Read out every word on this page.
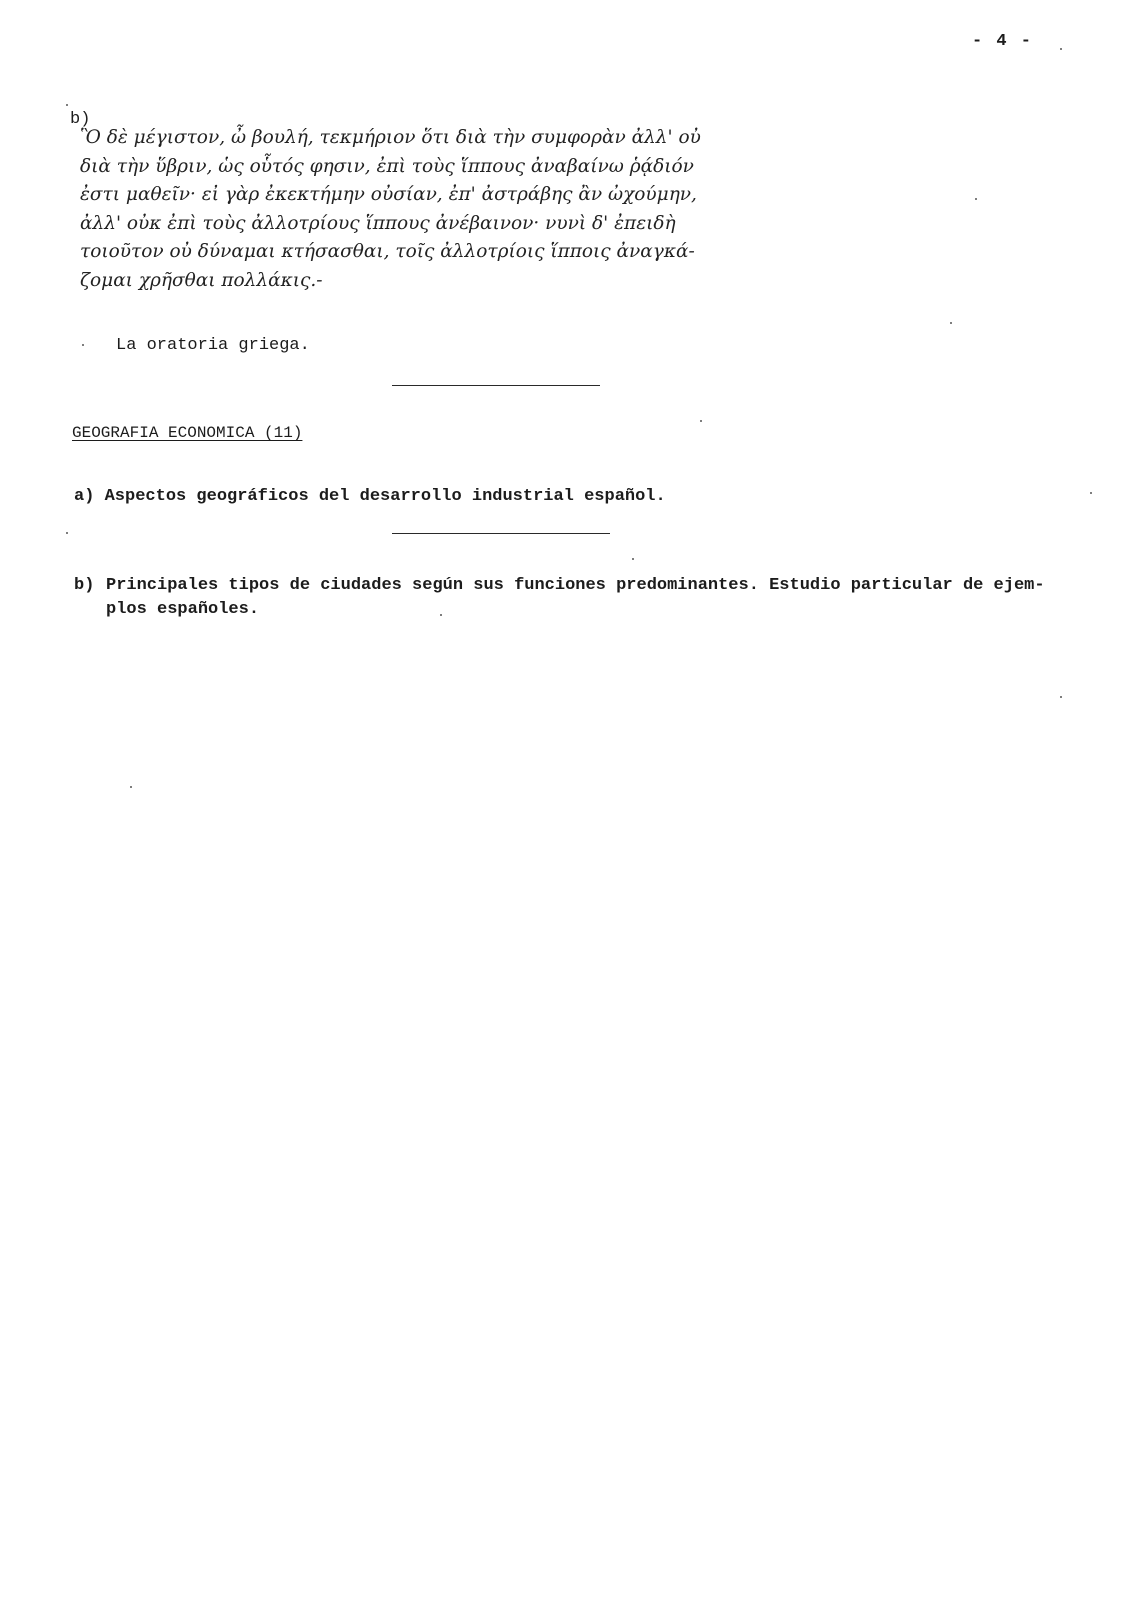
- 4 -
b)
Ὃ δὲ μέγιστον, ὦ βουλή, τεκμήριον ὅτι διὰ τὴν συμφορὰν ἀλλ' οὐ
διὰ τὴν ὕβριν, ὡς οὗτός φησιν, ἐπὶ τοὺς ἵππους ἀναβαίνω ῥᾴδιόν
ἐστι μαθεῖν· εἰ γὰρ ἐκεκτήμην οὐσίαν, ἐπ' ἀστράβης ἂν ὠχούμην,
ἀλλ' οὐκ ἐπὶ τοὺς ἀλλοτρίους ἵππους ἀνέβαινον· νυνὶ δ' ἐπειδὴ
τοιοῦτον οὐ δύναμαι κτήσασθαι, τοῖς ἀλλοτρίοις ἵπποις ἀναγκά-
ζομαι χρῆσθαι πολλάκις.-
La oratoria griega.
GEOGRAFIA ECONOMICA (11)
a) Aspectos geográficos del desarrollo industrial español.
b) Principales tipos de ciudades según sus funciones predominantes. Estudio particular de ejem-
plos españoles.
